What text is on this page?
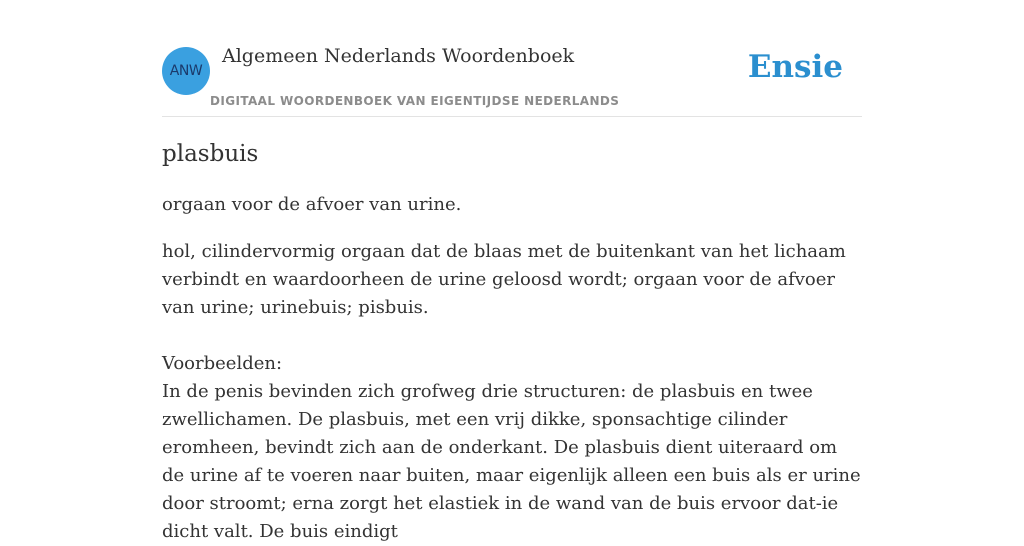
ANW
Algemeen Nederlands Woordenboek
DIGITAAL WOORDENBOEK VAN EIGENTIJDSE NEDERLANDS
Ensie
plasbuis

orgaan voor de afvoer van urine.

hol, cilindervormig orgaan dat de blaas met de buitenkant van het lichaam verbindt en waardoorheen de urine geloosd wordt; orgaan voor de afvoer van urine; urinebuis; pisbuis.

Voorbeelden:

In de penis bevinden zich grofweg drie structuren: de plasbuis en twee zwellichamen. De plasbuis, met een vrij dikke, sponsachtige cilinder eromheen, bevindt zich aan de onderkant. De plasbuis dient uiteraard om de urine af te voeren naar buiten, maar eigenlijk alleen een buis als er urine door stroomt; erna zorgt het elastiek in de wand van de buis ervoor dat-ie dicht valt. De buis eindigt
